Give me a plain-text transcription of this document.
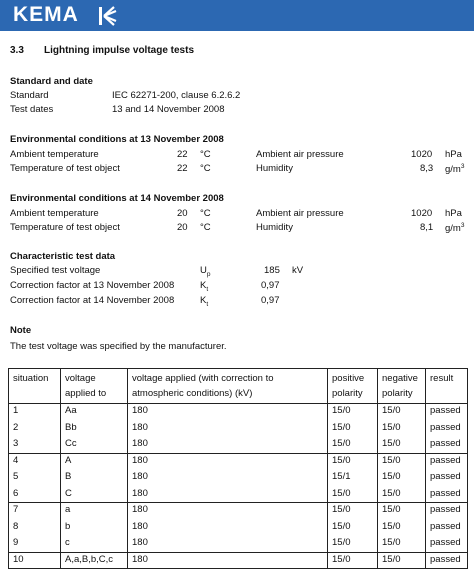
KEMA
3.3 Lightning impulse voltage tests
Standard and date
Standard	IEC 62271-200, clause 6.2.6.2
Test dates	13 and 14 November 2008
Environmental conditions at 13 November 2008
Ambient temperature	22 °C	Ambient air pressure	1020 hPa
Temperature of test object	22 °C	Humidity	8,3 $g/m^3$
Environmental conditions at 14 November 2008
Ambient temperature	20 °C	Ambient air pressure	1020 hPa
Temperature of test object	20 °C	Humidity	8,1 $g/m^3$
Characteristic test data
Specified test voltage	$U_p$	185 kV
Correction factor at 13 November 2008	$K_t$	0,97
Correction factor at 14 November 2008	$K_t$	0,97
Note
The test voltage was specified by the manufacturer.
situation	voltage applied to	voltage applied (with correction to atmospheric conditions) (kV)	positive polarity	negative polarity	result
1	Aa	180	15/0	15/0	passed
2	Bb	180	15/0	15/0	passed
3	Cc	180	15/0	15/0	passed
4	A	180	15/0	15/0	passed
5	B	180	15/1	15/0	passed
6	C	180	15/0	15/0	passed
7	a	180	15/0	15/0	passed
8	b	180	15/0	15/0	passed
9	c	180	15/0	15/0	passed
10	A,a,B,b,C,c	180	15/0	15/0	passed
